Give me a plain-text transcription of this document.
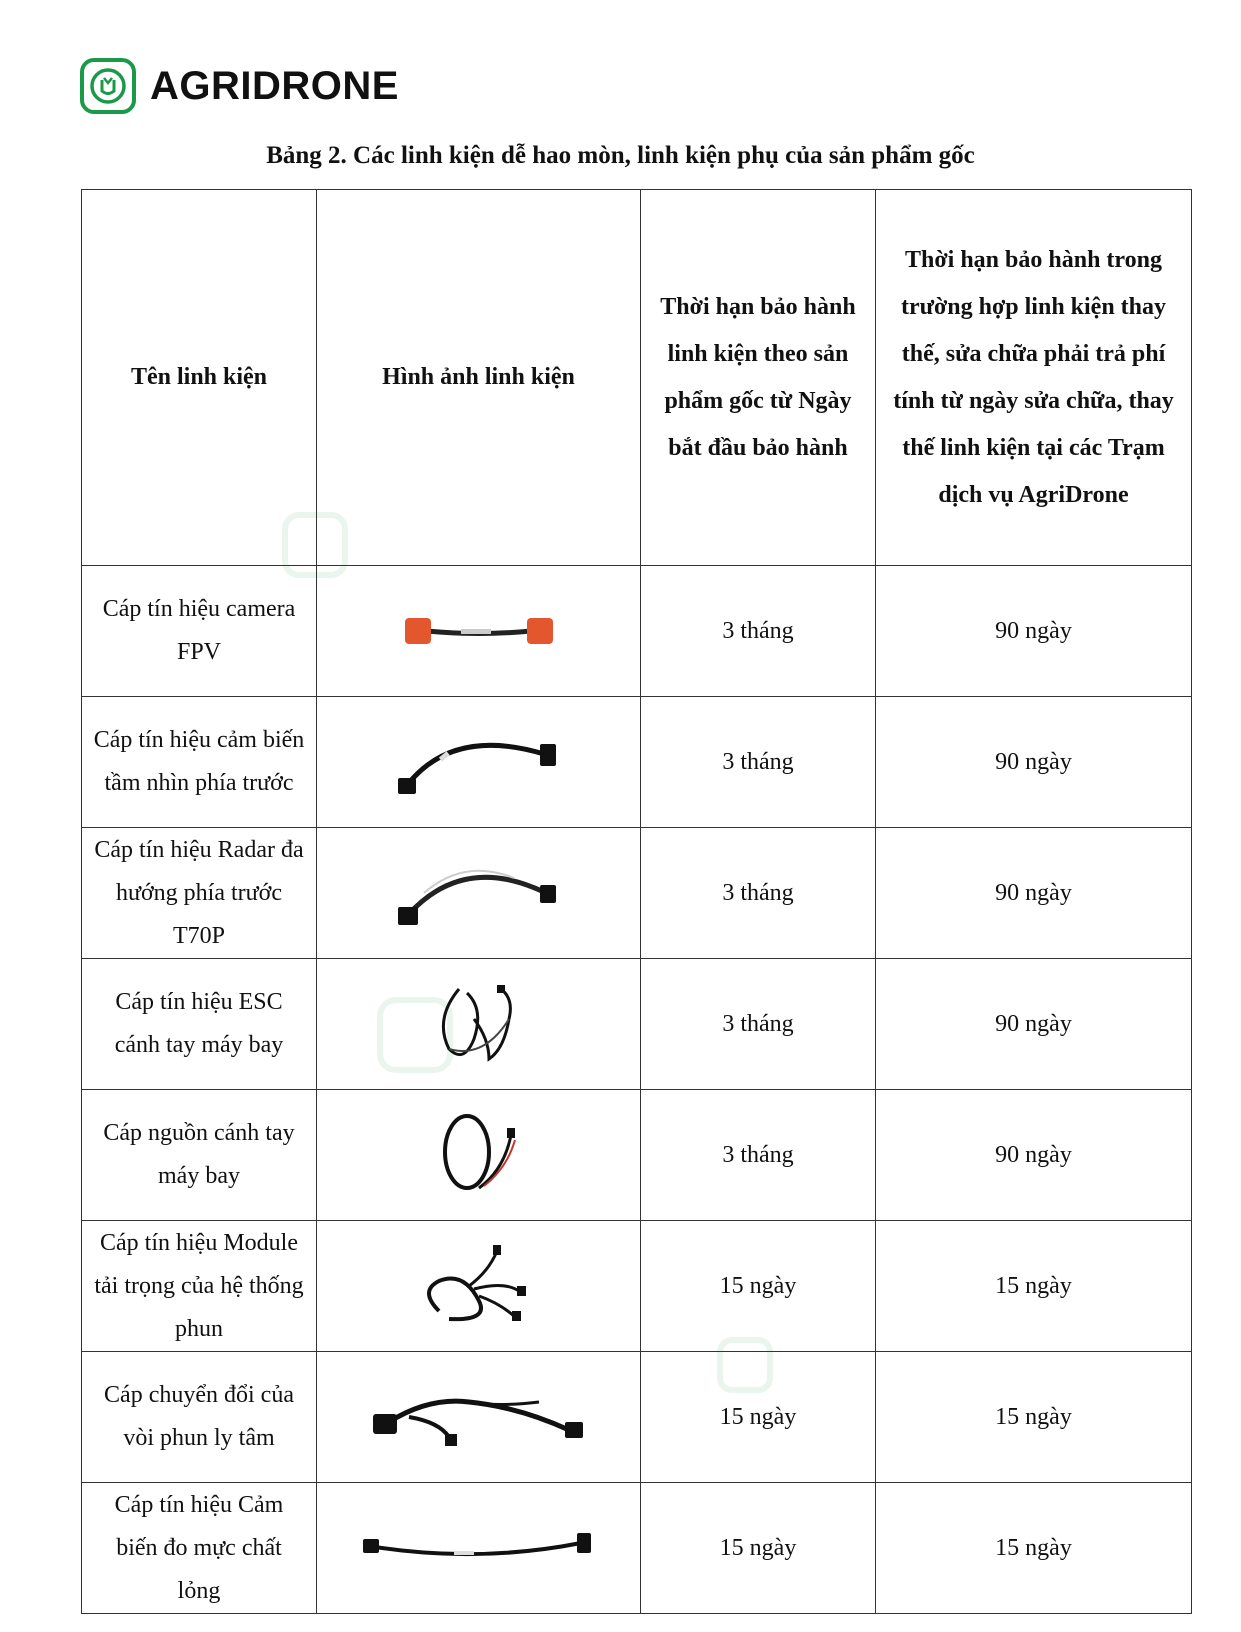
AGRIDRONE
Bảng 2. Các linh kiện dễ hao mòn, linh kiện phụ của sản phẩm gốc
Tên linh kiện	Hình ảnh linh kiện	Thời hạn bảo hành linh kiện theo sản phẩm gốc từ Ngày bắt đầu bảo hành	Thời hạn bảo hành trong trường hợp linh kiện thay thế, sửa chữa phải trả phí tính từ ngày sửa chữa, thay thế linh kiện tại các Trạm dịch vụ AgriDrone
Cáp tín hiệu camera FPV		3 tháng	90 ngày
Cáp tín hiệu cảm biến tầm nhìn phía trước		3 tháng	90 ngày
Cáp tín hiệu Radar đa hướng phía trước T70P		3 tháng	90 ngày
Cáp tín hiệu ESC cánh tay máy bay		3 tháng	90 ngày
Cáp nguồn cánh tay máy bay		3 tháng	90 ngày
Cáp tín hiệu Module tải trọng của hệ thống phun		15 ngày	15 ngày
Cáp chuyển đổi của vòi phun ly tâm		15 ngày	15 ngày
Cáp tín hiệu Cảm biến đo mực chất lỏng		15 ngày	15 ngày
